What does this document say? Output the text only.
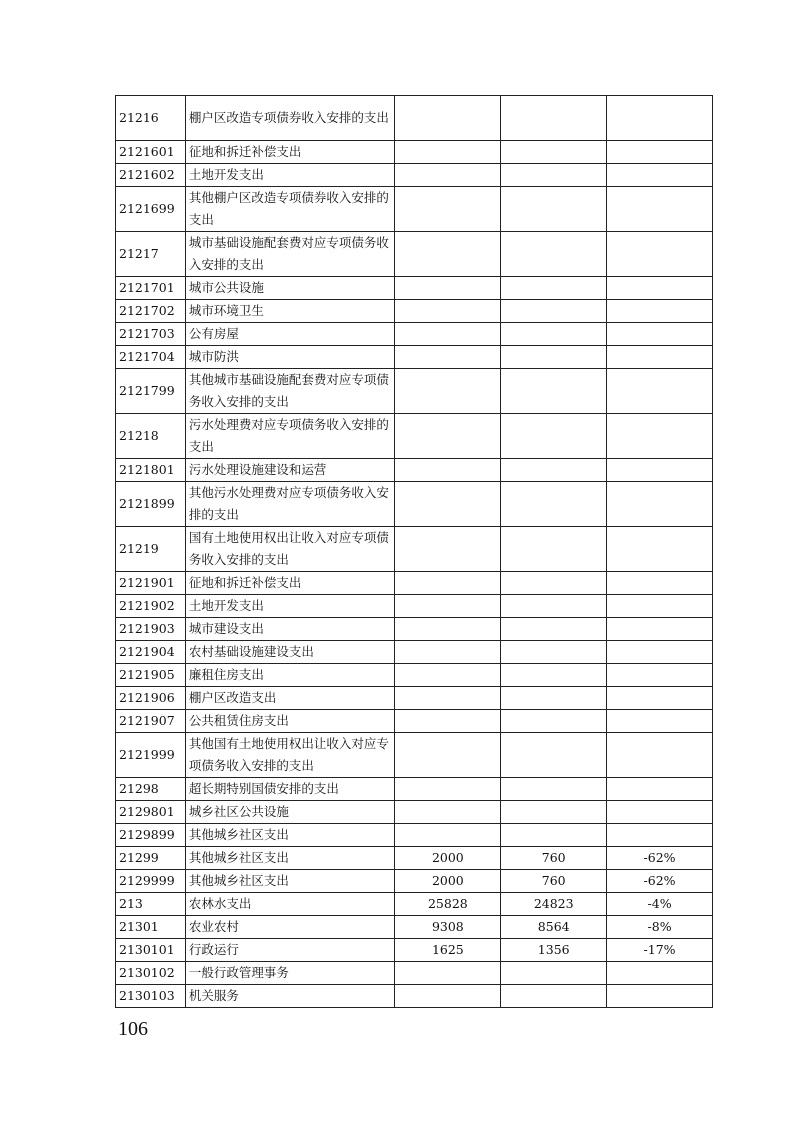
21216	棚户区改造专项债券收入安排的支出			
2121601	征地和拆迁补偿支出			
2121602	土地开发支出			
2121699	其他棚户区改造专项债券收入安排的支出			
21217	城市基础设施配套费对应专项债务收入安排的支出			
2121701	城市公共设施			
2121702	城市环境卫生			
2121703	公有房屋			
2121704	城市防洪			
2121799	其他城市基础设施配套费对应专项债务收入安排的支出			
21218	污水处理费对应专项债务收入安排的支出			
2121801	污水处理设施建设和运营			
2121899	其他污水处理费对应专项债务收入安排的支出			
21219	国有土地使用权出让收入对应专项债务收入安排的支出			
2121901	征地和拆迁补偿支出			
2121902	土地开发支出			
2121903	城市建设支出			
2121904	农村基础设施建设支出			
2121905	廉租住房支出			
2121906	棚户区改造支出			
2121907	公共租赁住房支出			
2121999	其他国有土地使用权出让收入对应专项债务收入安排的支出			
21298	超长期特别国债安排的支出			
2129801	城乡社区公共设施			
2129899	其他城乡社区支出			
21299	其他城乡社区支出	2000	760	-62%
2129999	其他城乡社区支出	2000	760	-62%
213	农林水支出	25828	24823	-4%
21301	农业农村	9308	8564	-8%
2130101	行政运行	1625	1356	-17%
2130102	一般行政管理事务			
2130103	机关服务			
106
